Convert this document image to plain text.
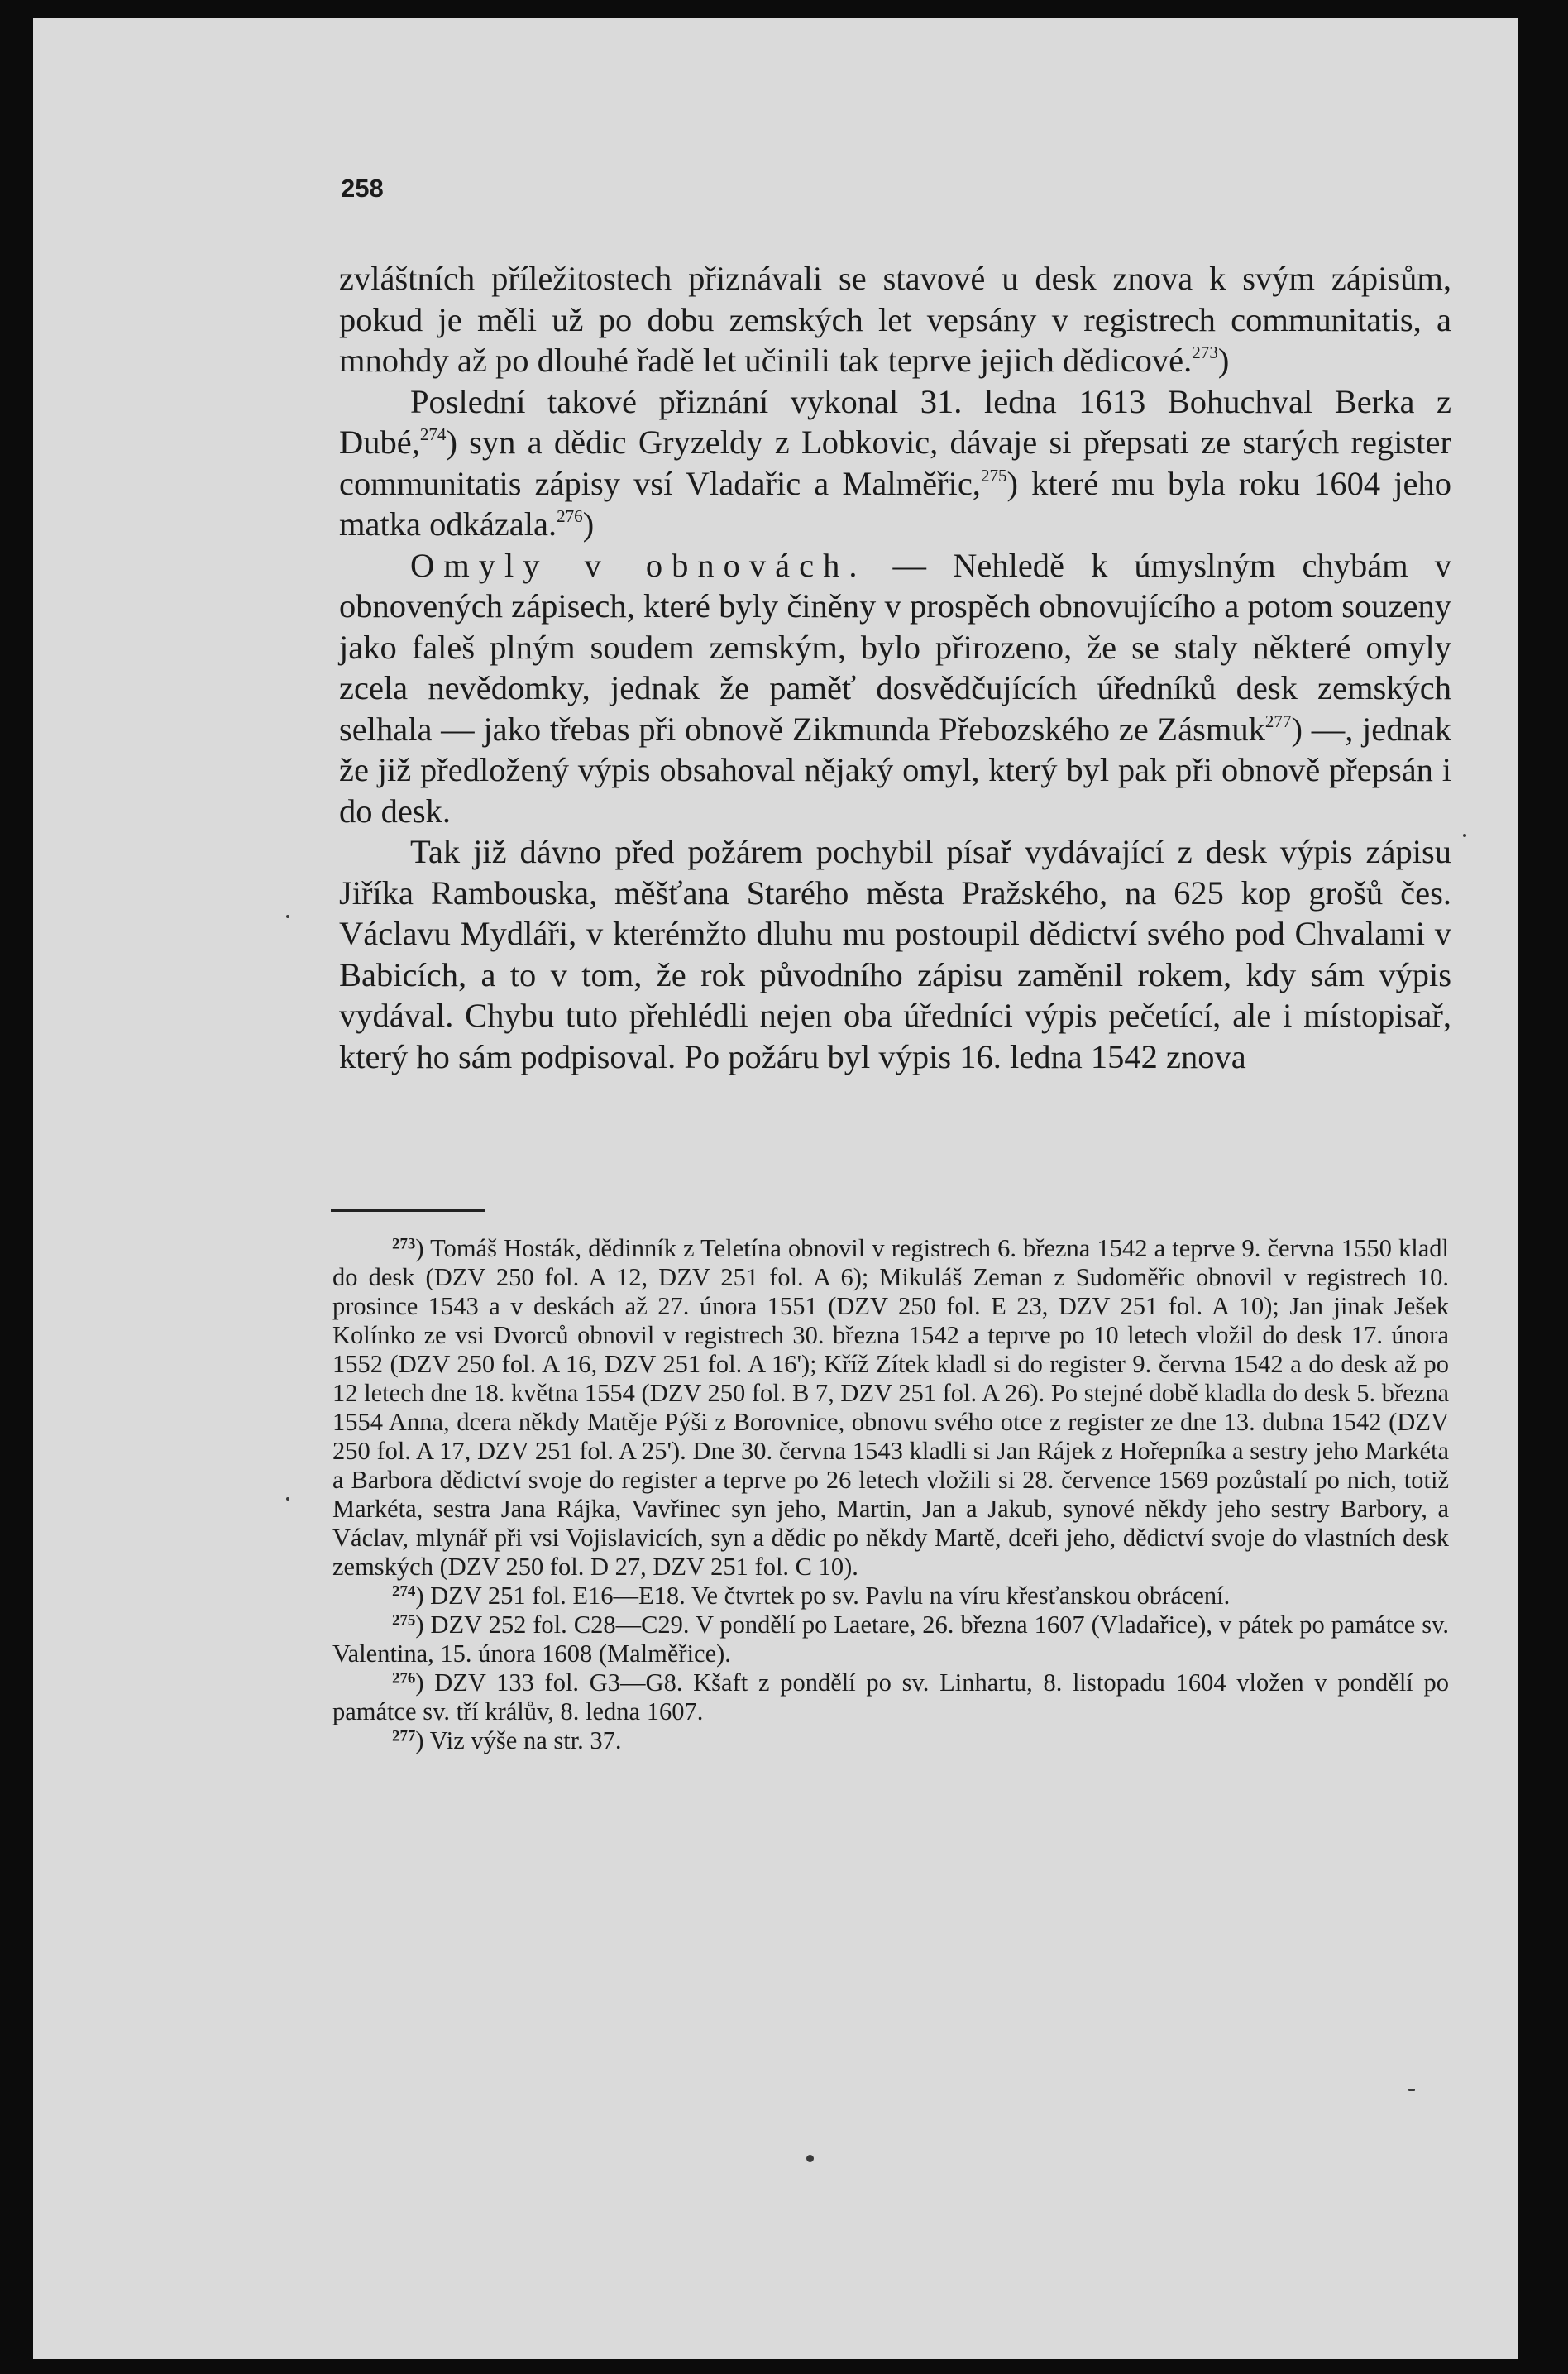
258

zvláštních příležitostech přiznávali se stavové u desk znova k svým zápisům, pokud je měli už po dobu zemských let vepsány v registrech communitatis, a mnohdy až po dlouhé řadě let učinili tak teprve jejich dědicové.$^{273}$)

Poslední takové přiznání vykonal 31. ledna 1613 Bohuchval Berka z Dubé,$^{274}$) syn a dědic Gryzeldy z Lobkovic, dávaje si přepsati ze starých register communitatis zápisy vsí Vladařic a Malměřic,$^{275}$) které mu byla roku 1604 jeho matka odkázala.$^{276}$)

Omyly v obnovách. — Nehledě k úmyslným chybám v obnovených zápisech, které byly činěny v prospěch obnovujícího a potom souzeny jako faleš plným soudem zemským, bylo přirozeno, že se staly některé omyly zcela nevědomky, jednak že paměť dosvědčujících úředníků desk zemských selhala — jako třebas při obnově Zikmunda Přebozského ze Zásmuk$^{277}$) —, jednak že již předložený výpis obsahoval nějaký omyl, který byl pak při obnově přepsán i do desk.

Tak již dávno před požárem pochybil písař vydávající z desk výpis zápisu Jiříka Rambouska, měšťana Starého města Pražského, na 625 kop grošů čes. Václavu Mydláři, v kterémžto dluhu mu postoupil dědictví svého pod Chvalami v Babicích, a to v tom, že rok původního zápisu zaměnil rokem, kdy sám výpis vydával. Chybu tuto přehlédli nejen oba úředníci výpis pečetící, ale i místopisař, který ho sám podpisoval. Po požáru byl výpis 16. ledna 1542 znova

$^{273}$) Tomáš Hosták, dědinník z Teletína obnovil v registrech 6. března 1542 a teprve 9. června 1550 kladl do desk (DZV 250 fol. A 12, DZV 251 fol. A 6); Mikuláš Zeman z Sudoměřic obnovil v registrech 10. prosince 1543 a v deskách až 27. února 1551 (DZV 250 fol. E 23, DZV 251 fol. A 10); Jan jinak Ješek Kolínko ze vsi Dvorců obnovil v registrech 30. března 1542 a teprve po 10 letech vložil do desk 17. února 1552 (DZV 250 fol. A 16, DZV 251 fol. A 16'); Kříž Zítek kladl si do register 9. června 1542 a do desk až po 12 letech dne 18. května 1554 (DZV 250 fol. B 7, DZV 251 fol. A 26). Po stejné době kladla do desk 5. března 1554 Anna, dcera někdy Matěje Pýši z Borovnice, obnovu svého otce z register ze dne 13. dubna 1542 (DZV 250 fol. A 17, DZV 251 fol. A 25'). Dne 30. června 1543 kladli si Jan Rájek z Hořepníka a sestry jeho Markéta a Barbora dědictví svoje do register a teprve po 26 letech vložili si 28. července 1569 pozůstalí po nich, totiž Markéta, sestra Jana Rájka, Vavřinec syn jeho, Martin, Jan a Jakub, synové někdy jeho sestry Barbory, a Václav, mlynář při vsi Vojislavicích, syn a dědic po někdy Martě, dceři jeho, dědictví svoje do vlastních desk zemských (DZV 250 fol. D 27, DZV 251 fol. C 10).

$^{274}$) DZV 251 fol. E16—E18. Ve čtvrtek po sv. Pavlu na víru křesťanskou obrácení.

$^{275}$) DZV 252 fol. C28—C29. V pondělí po Laetare, 26. března 1607 (Vladařice), v pátek po památce sv. Valentina, 15. února 1608 (Malměřice).

$^{276}$) DZV 133 fol. G3—G8. Kšaft z pondělí po sv. Linhartu, 8. listopadu 1604 vložen v pondělí po památce sv. tří králův, 8. ledna 1607.

$^{277}$) Viz výše na str. 37.
